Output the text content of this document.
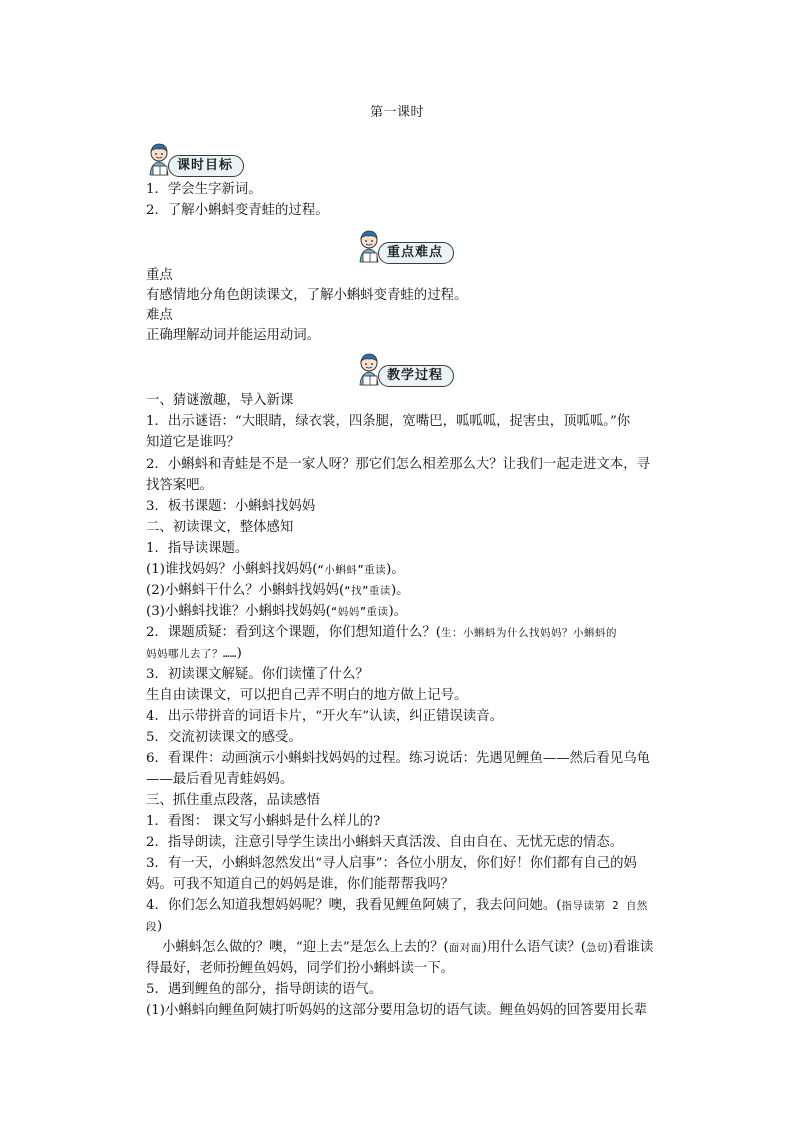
第一课时
课时目标
重点难点
教学过程
1．学会生字新词。
2．了解小蝌蚪变青蛙的过程。
重点
有感情地分角色朗读课文，了解小蝌蚪变青蛙的过程。
难点
正确理解动词并能运用动词。
一、猜谜激趣，导入新课
1．出示谜语：“大眼睛，绿衣裳，四条腿，宽嘴巴，呱呱呱，捉害虫，顶呱呱。”你
知道它是谁吗？
2．小蝌蚪和青蛙是不是一家人呀？那它们怎么相差那么大？让我们一起走进文本，寻
找答案吧。
3．板书课题：小蝌蚪找妈妈
二、初读课文，整体感知
1．指导读课题。
(1)谁找妈妈？小蝌蚪找妈妈(“小蝌蚪”重读)。
(2)小蝌蚪干什么？小蝌蚪找妈妈(“找”重读)。
(3)小蝌蚪找谁？小蝌蚪找妈妈(“妈妈”重读)。
2．课题质疑：看到这个课题，你们想知道什么？(生：小蝌蚪为什么找妈妈？小蝌蚪的
妈妈哪儿去了？……)
3．初读课文解疑。你们读懂了什么？
生自由读课文，可以把自己弄不明白的地方做上记号。
4．出示带拼音的词语卡片，“开火车”认读，纠正错误读音。
5．交流初读课文的感受。
6．看课件：动画演示小蝌蚪找妈妈的过程。练习说话：先遇见鲤鱼——然后看见乌龟
——最后看见青蛙妈妈。
三、抓住重点段落，品读感悟
1．看图： 课文写小蝌蚪是什么样儿的?
2．指导朗读，注意引导学生读出小蝌蚪天真活泼、自由自在、无忧无虑的情态。
3．有一天，小蝌蚪忽然发出“寻人启事”：各位小朋友，你们好！你们都有自己的妈
妈。可我不知道自己的妈妈是谁，你们能帮帮我吗？
4．你们怎么知道我想妈妈呢？噢，我看见鲤鱼阿姨了，我去问问她。(指导读第 2 自然
段)
小蝌蚪怎么做的？噢，“迎上去”是怎么上去的？(面对面)用什么语气读？(急切)看谁读
得最好，老师扮鲤鱼妈妈，同学们扮小蝌蚪读一下。
5．遇到鲤鱼的部分，指导朗读的语气。
(1)小蝌蚪向鲤鱼阿姨打听妈妈的这部分要用急切的语气读。鲤鱼妈妈的回答要用长辈
